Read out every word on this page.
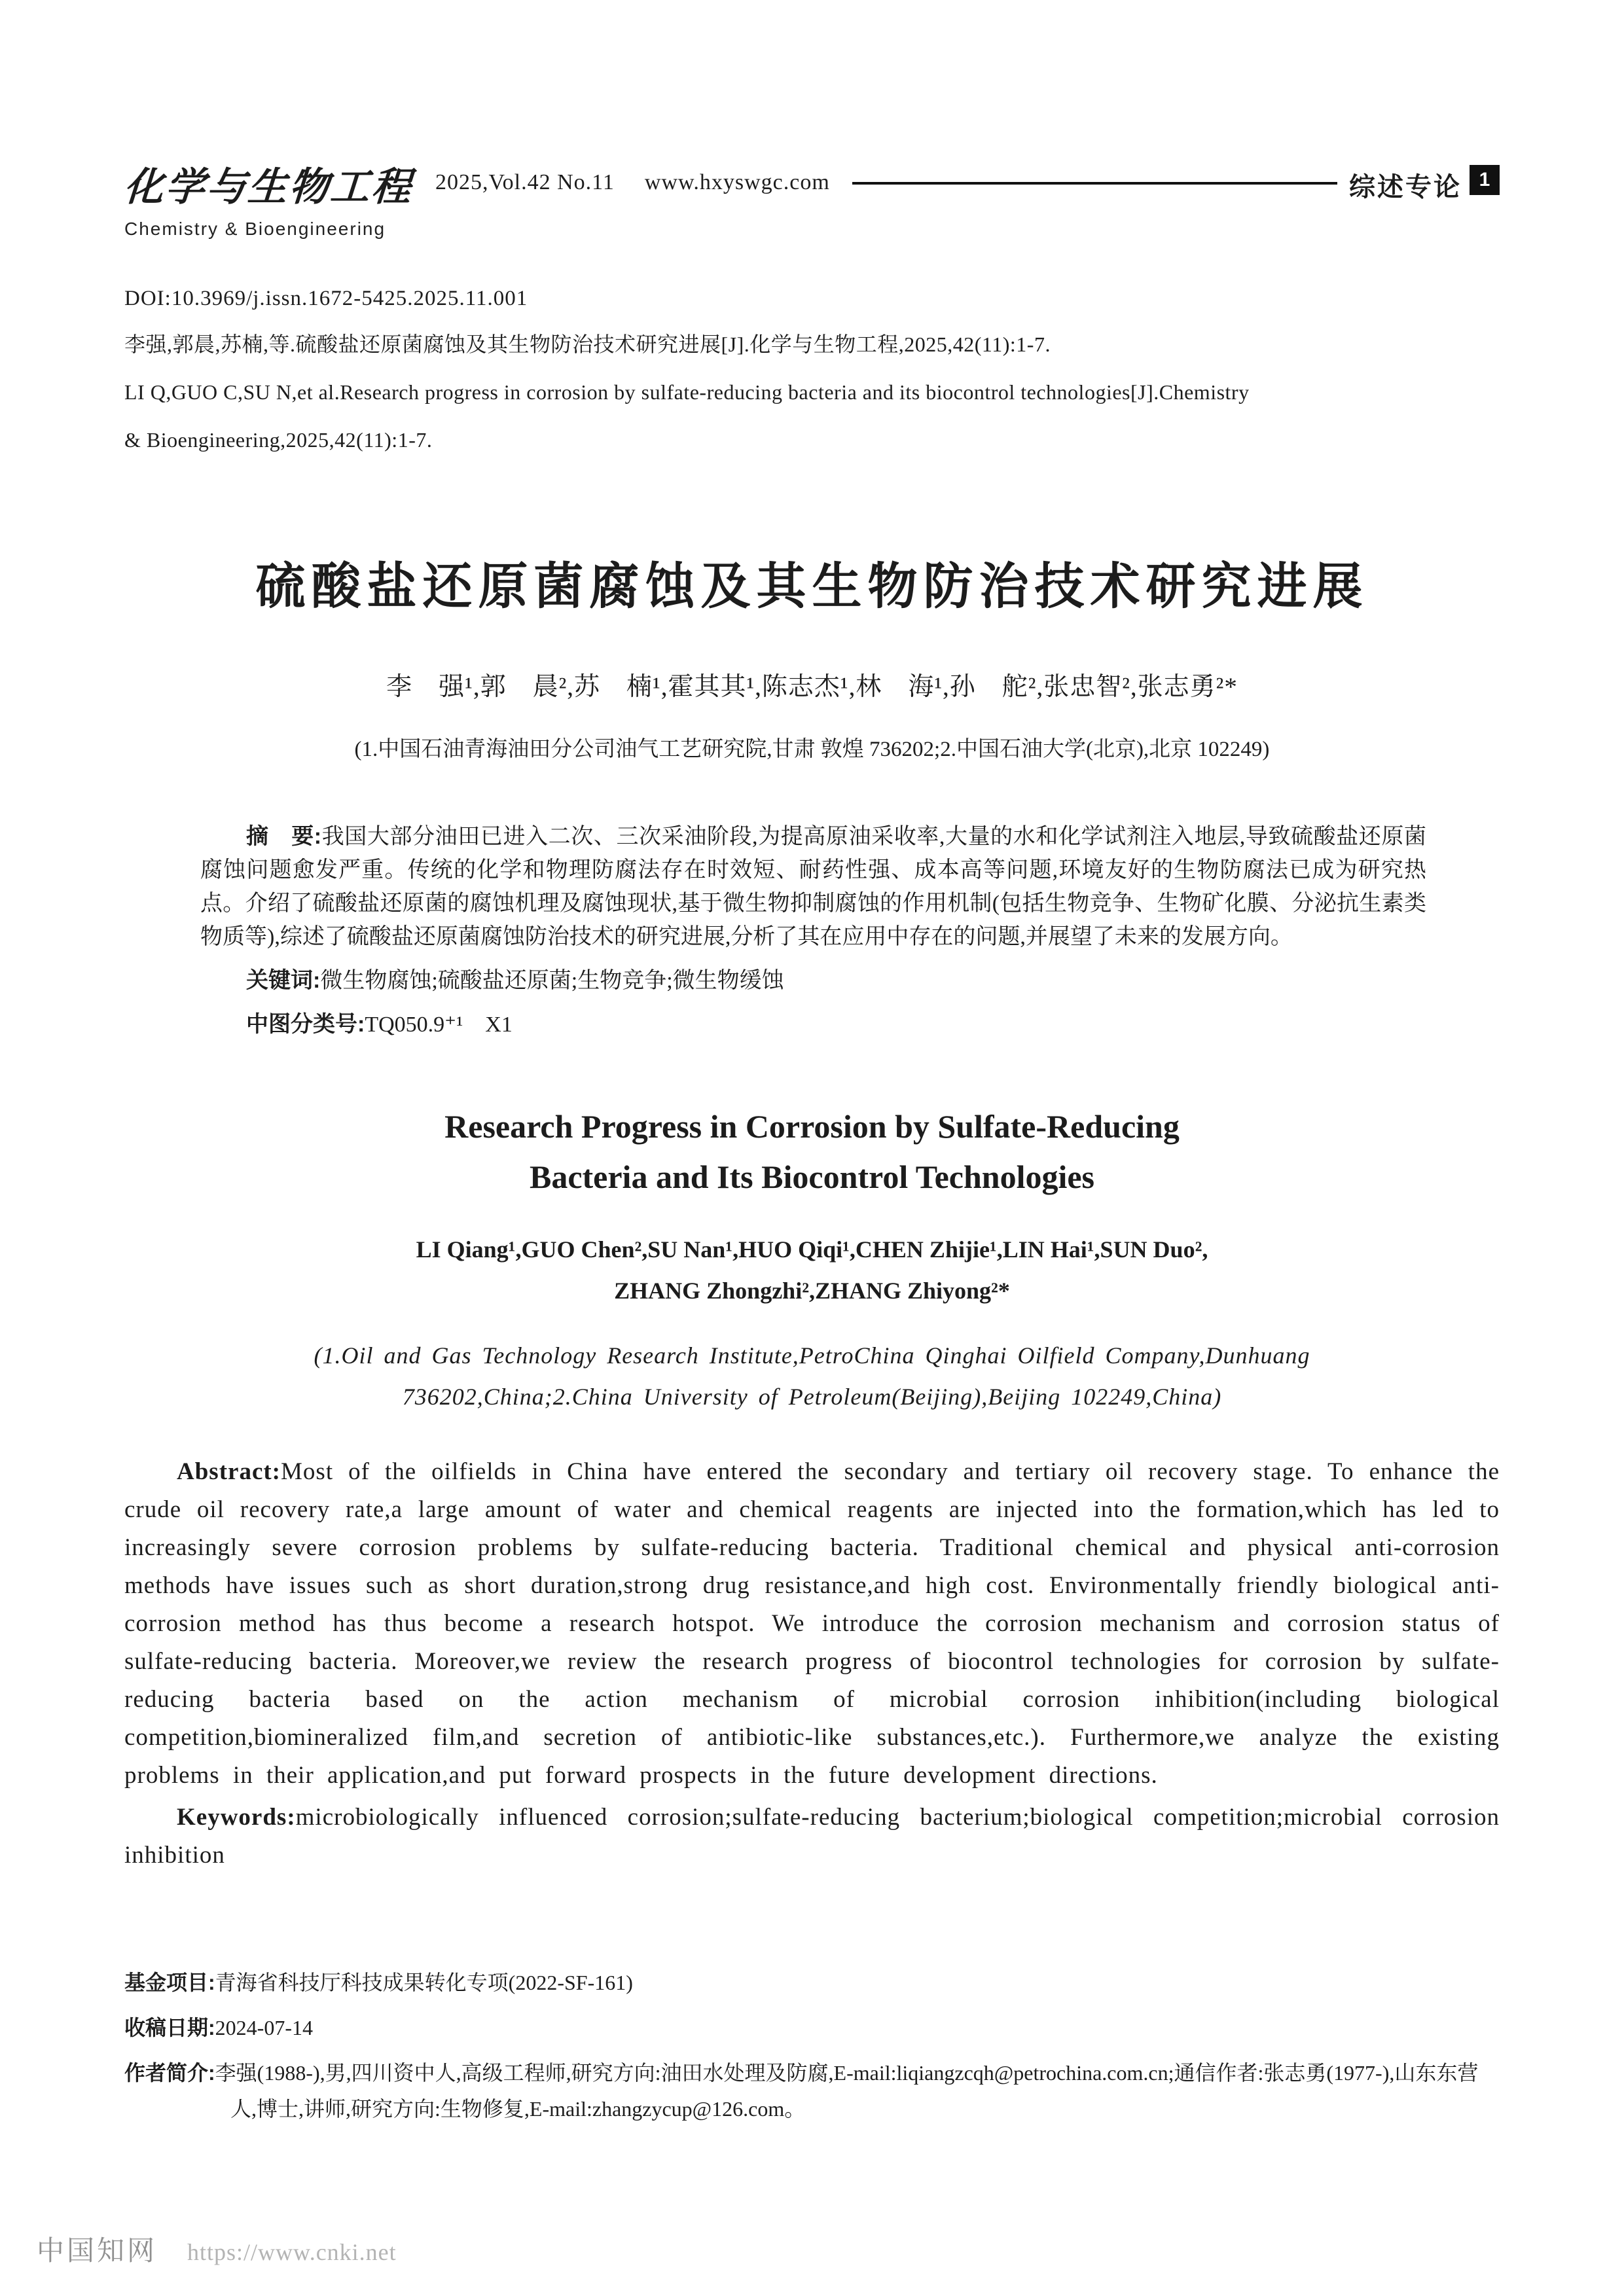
化学与生物工程
Chemistry & Bioengineering
2025,Vol.42 No.11 www.hxyswgc.com	综述专论 1
DOI:10.3969/j.issn.1672-5425.2025.11.001
李强,郭晨,苏楠,等.硫酸盐还原菌腐蚀及其生物防治技术研究进展[J].化学与生物工程,2025,42(11):1-7.
LI Q,GUO C,SU N,et al.Research progress in corrosion by sulfate-reducing bacteria and its biocontrol technologies[J].Chemistry
& Bioengineering,2025,42(11):1-7.
硫酸盐还原菌腐蚀及其生物防治技术研究进展
李　强¹,郭　晨²,苏　楠¹,霍其其¹,陈志杰¹,林　海¹,孙　舵²,张忠智²,张志勇²*
(1.中国石油青海油田分公司油气工艺研究院,甘肃 敦煌 736202;2.中国石油大学(北京),北京 102249)

摘　要:我国大部分油田已进入二次、三次采油阶段,为提高原油采收率,大量的水和化学试剂注入地层,导致硫酸盐还原菌腐蚀问题愈发严重。传统的化学和物理防腐法存在时效短、耐药性强、成本高等问题,环境友好的生物防腐法已成为研究热点。介绍了硫酸盐还原菌的腐蚀机理及腐蚀现状,基于微生物抑制腐蚀的作用机制(包括生物竞争、生物矿化膜、分泌抗生素类物质等),综述了硫酸盐还原菌腐蚀防治技术的研究进展,分析了其在应用中存在的问题,并展望了未来的发展方向。

关键词:微生物腐蚀;硫酸盐还原菌;生物竞争;微生物缓蚀

中图分类号:TQ050.9⁺¹　X1

Research Progress in Corrosion by Sulfate-Reducing
Bacteria and Its Biocontrol Technologies
LI Qiang¹,GUO Chen²,SU Nan¹,HUO Qiqi¹,CHEN Zhijie¹,LIN Hai¹,SUN Duo²,
ZHANG Zhongzhi²,ZHANG Zhiyong²*
(1.Oil and Gas Technology Research Institute,PetroChina Qinghai Oilfield Company,Dunhuang 736202,China;2.China University of Petroleum(Beijing),Beijing 102249,China)

Abstract:Most of the oilfields in China have entered the secondary and tertiary oil recovery stage. To enhance the crude oil recovery rate,a large amount of water and chemical reagents are injected into the formation,which has led to increasingly severe corrosion problems by sulfate-reducing bacteria. Traditional chemical and physical anti-corrosion methods have issues such as short duration,strong drug resistance,and high cost. Environmentally friendly biological anti-corrosion method has thus become a research hotspot. We introduce the corrosion mechanism and corrosion status of sulfate-reducing bacteria. Moreover,we review the research progress of biocontrol technologies for corrosion by sulfate-reducing bacteria based on the action mechanism of microbial corrosion inhibition(including biological competition,biomineralized film,and secretion of antibiotic-like substances,etc.). Furthermore,we analyze the existing problems in their application,and put forward prospects in the future development directions.

Keywords:microbiologically influenced corrosion;sulfate-reducing bacterium;biological competition;microbial corrosion inhibition

基金项目:青海省科技厅科技成果转化专项(2022-SF-161)
收稿日期:2024-07-14
作者简介:李强(1988-),男,四川资中人,高级工程师,研究方向:油田水处理及防腐,E-mail:liqiangzcqh@petrochina.com.cn;通信作者:张志勇(1977-),山东东营人,博士,讲师,研究方向:生物修复,E-mail:zhangzycup@126.com。
中国知网 https://www.cnki.net
